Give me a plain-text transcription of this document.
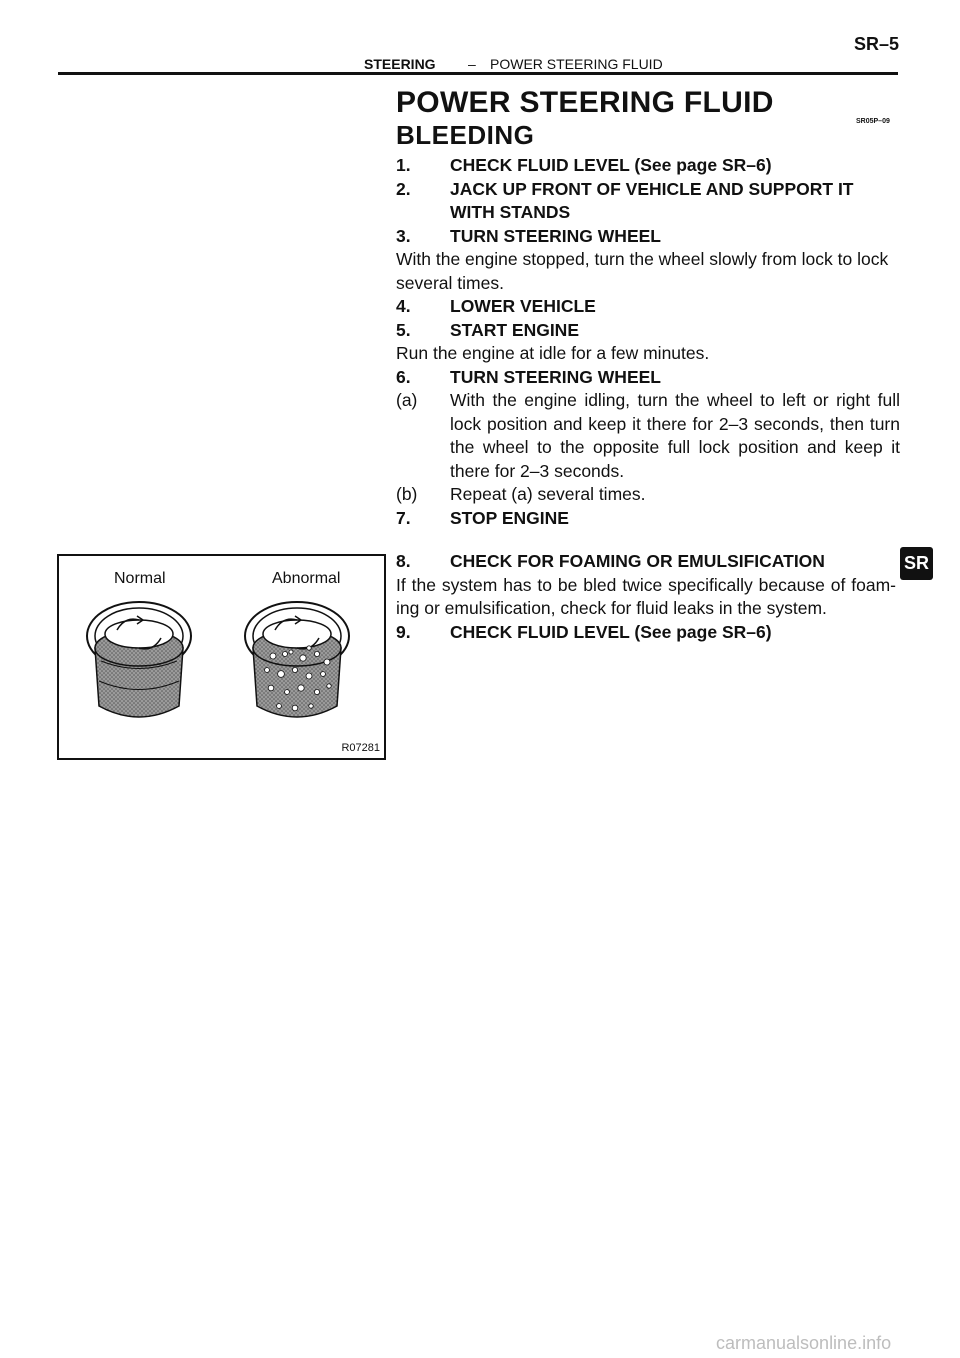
SR–5
STEERING – POWER STEERING FLUID
POWER STEERING FLUID
BLEEDING	SR05P–09
1.	CHECK FLUID LEVEL (See page SR–6)
2.	JACK UP FRONT OF VEHICLE AND SUPPORT IT
WITH STANDS
3.	TURN STEERING WHEEL
With the engine stopped, turn the wheel slowly from lock to lock several times.
4.	LOWER VEHICLE
5.	START ENGINE
Run the engine at idle for a few minutes.
6.	TURN STEERING WHEEL
(a)	With the engine idling, turn the wheel to left or right full lock position and keep it there for 2–3 seconds, then turn the wheel to the opposite full lock position and keep it there for 2–3 seconds.
(b)	Repeat (a) several times.
7.	STOP ENGINE
8.	CHECK FOR FOAMING OR EMULSIFICATION
If the system has to be bled twice specifically because of foam- ing or emulsification, check for fluid leaks in the system.
9.	CHECK FLUID LEVEL (See page SR–6)
SR
Normal	Abnormal
R07281
carmanualsonline.info
